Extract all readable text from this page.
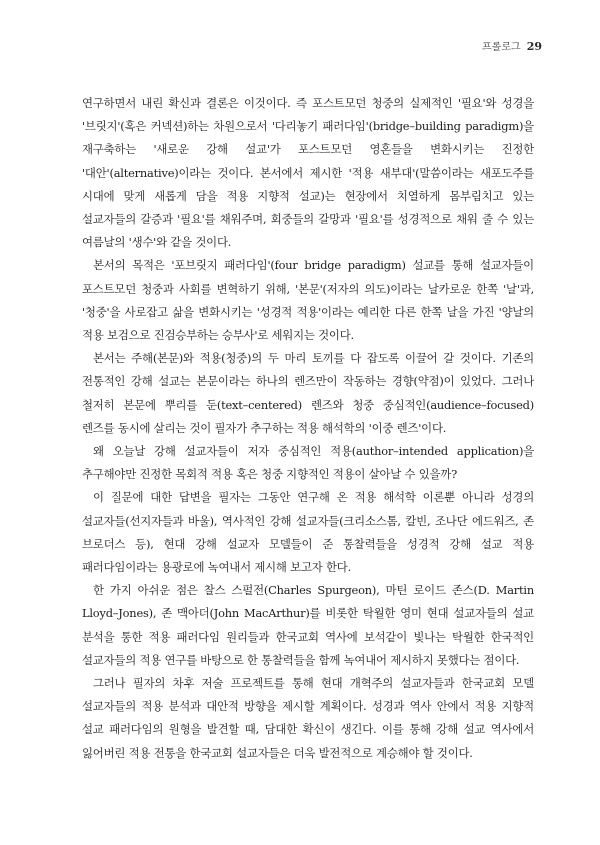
프롤로그 29

연구하면서 내린 확신과 결론은 이것이다. 즉 포스트모던 청중의 실제적인 '필요'와 성경을 '브릿지'(혹은 커넥션)하는 차원으로서 '다리놓기 패러다임'(bridge–building paradigm)을 재구축하는 '새로운 강해 설교'가 포스트모던 영혼들을 변화시키는 진정한 '대안'(alternative)이라는 것이다. 본서에서 제시한 '적용 새부대'(말씀이라는 새포도주를 시대에 맞게 새롭게 담을 적용 지향적 설교)는 현장에서 치열하게 몸부림치고 있는 설교자들의 갈증과 '필요'를 채워주며, 회중들의 갈망과 '필요'를 성경적으로 채워 줄 수 있는 여름날의 '생수'와 같을 것이다.

본서의 목적은 '포브릿지 패러다임'(four bridge paradigm) 설교를 통해 설교자들이 포스트모던 청중과 사회를 변혁하기 위해, '본문'(저자의 의도)이라는 날카로운 한쪽 '날'과, '청중'을 사로잡고 삶을 변화시키는 '성경적 적용'이라는 예리한 다른 한쪽 날을 가진 '양날의 적용 보검으로 진검승부하는 승부사'로 세워지는 것이다.

본서는 주해(본문)와 적용(청중)의 두 마리 토끼를 다 잡도록 이끌어 갈 것이다. 기존의 전통적인 강해 설교는 본문이라는 하나의 렌즈만이 작동하는 경향(약점)이 있었다. 그러나 철저히 본문에 뿌리를 둔(text–centered) 렌즈와 청중 중심적인(audience–focused) 렌즈를 동시에 살리는 것이 필자가 추구하는 적용 해석학의 '이중 렌즈'이다.

왜 오늘날 강해 설교자들이 저자 중심적인 적용(author–intended application)을 추구해야만 진정한 목회적 적용 혹은 청중 지향적인 적용이 살아날 수 있을까?

이 질문에 대한 답변을 필자는 그동안 연구해 온 적용 해석학 이론뿐 아니라 성경의 설교자들(선지자들과 바울), 역사적인 강해 설교자들(크리소스톰, 칼빈, 조나단 에드워즈, 존 브로더스 등), 현대 강해 설교자 모델들이 준 통찰력들을 성경적 강해 설교 적용 패러다임이라는 용광로에 녹여내서 제시해 보고자 한다.

한 가지 아쉬운 점은 찰스 스펄전(Charles Spurgeon), 마틴 로이드 존스(D. Martin Lloyd–Jones), 존 맥아더(John MacArthur)를 비롯한 탁월한 영미 현대 설교자들의 설교 분석을 통한 적용 패러다임 원리들과 한국교회 역사에 보석같이 빛나는 탁월한 한국적인 설교자들의 적용 연구를 바탕으로 한 통찰력들을 함께 녹여내어 제시하지 못했다는 점이다.

그러나 필자의 차후 저술 프로젝트를 통해 현대 개혁주의 설교자들과 한국교회 모델 설교자들의 적용 분석과 대안적 방향을 제시할 계획이다. 성경과 역사 안에서 적용 지향적 설교 패러다임의 원형을 발견할 때, 담대한 확신이 생긴다. 이를 통해 강해 설교 역사에서 잃어버린 적용 전통을 한국교회 설교자들은 더욱 발전적으로 계승해야 할 것이다.
